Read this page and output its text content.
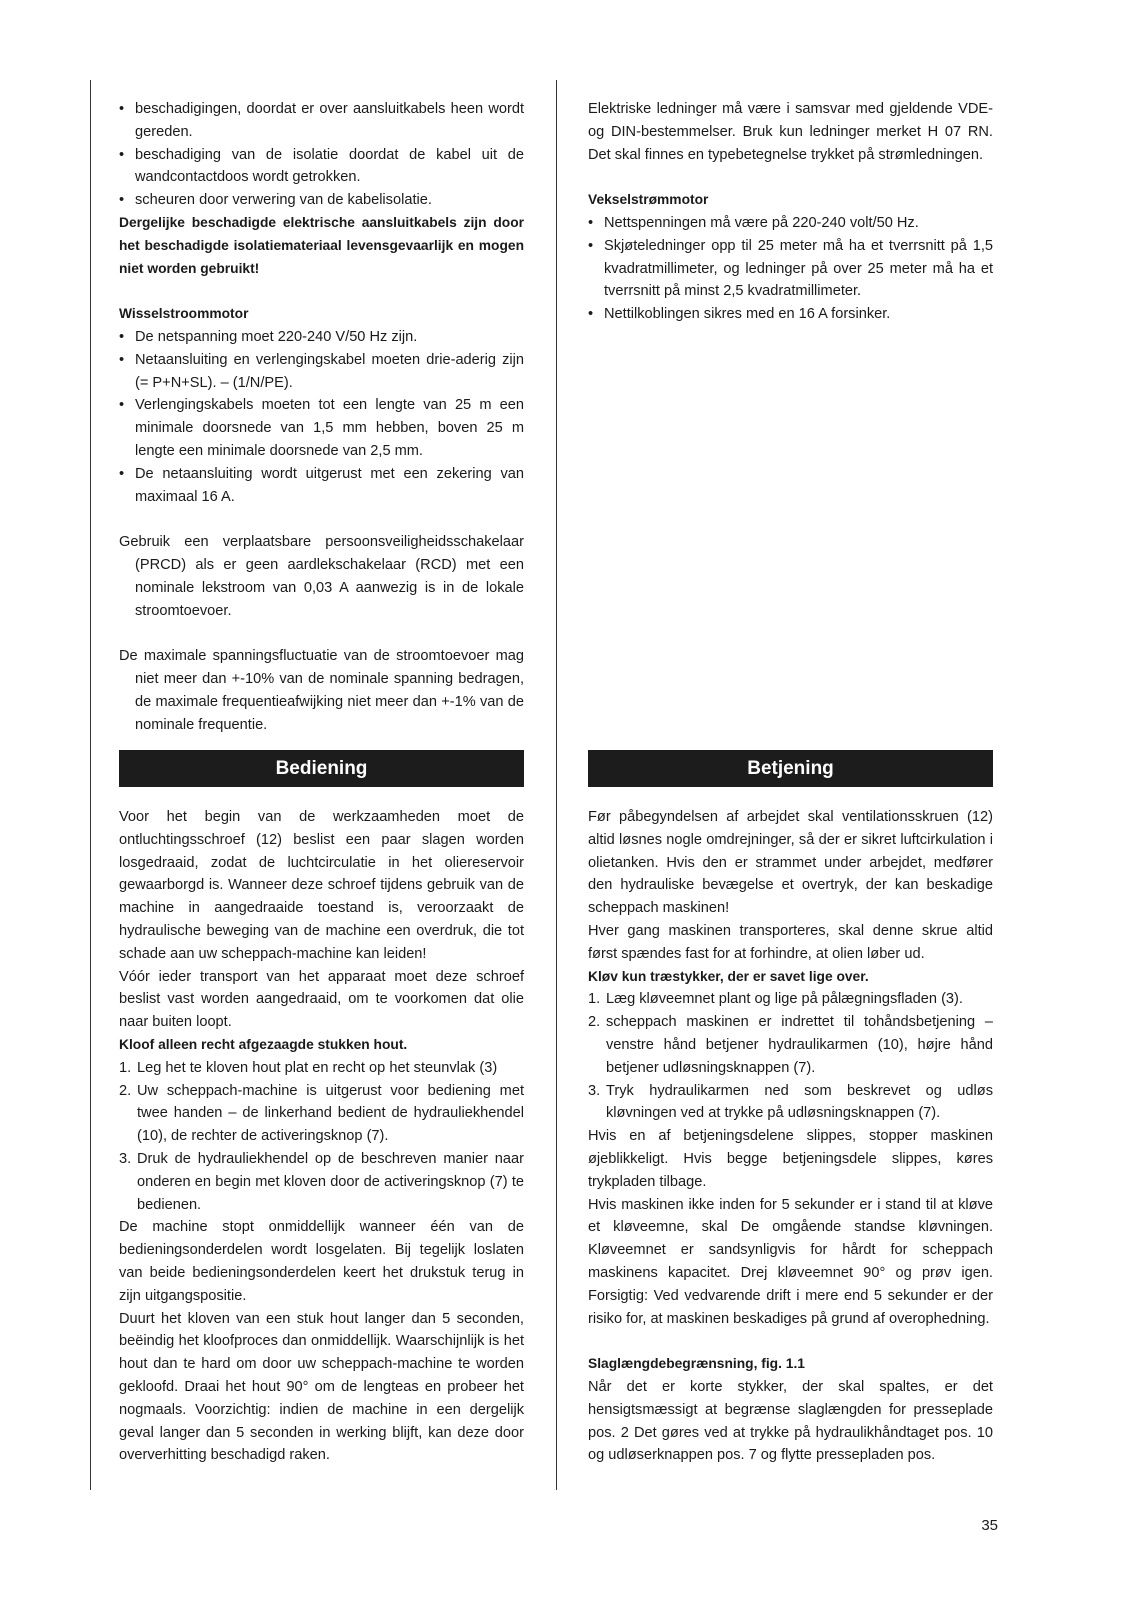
• beschadigingen, doordat er over aansluitkabels heen wordt gereden.
• beschadiging van de isolatie doordat de kabel uit de wandcontactdoos wordt getrokken.
• scheuren door verwering van de kabelisolatie.

Dergelijke beschadigde elektrische aansluitkabels zijn door het beschadigde isolatiemateriaal levensgevaarlijk en mogen niet worden gebruikt!

Wisselstroommotor

• De netspanning moet 220-240 V/50 Hz zijn.
• Netaansluiting en verlengingskabel moeten drie-aderig zijn (= P+N+SL). – (1/N/PE).
• Verlengingskabels moeten tot een lengte van 25 m een minimale doorsnede van 1,5 mm hebben, boven 25 m lengte een minimale doorsnede van 2,5 mm.
• De netaansluiting wordt uitgerust met een zekering van maximaal 16 A.

Gebruik een verplaatsbare persoonsveiligheidsschakelaar (PRCD) als er geen aardlekschakelaar (RCD) met een nominale lekstroom van 0,03 A aanwezig is in de lokale stroomtoevoer.

De maximale spanningsfluctuatie van de stroomtoevoer mag niet meer dan +-10% van de nominale spanning bedragen, de maximale frequentieafwijking niet meer dan +-1% van de nominale frequentie.

Bediening

Voor het begin van de werkzaamheden moet de ontluchtingsschroef (12) beslist een paar slagen worden losgedraaid, zodat de luchtcirculatie in het oliereservoir gewaarborgd is. Wanneer deze schroef tijdens gebruik van de machine in aangedraaide toestand is, veroorzaakt de hydraulische beweging van de machine een overdruk, die tot schade aan uw scheppach-machine kan leiden!

Vóór ieder transport van het apparaat moet deze schroef beslist vast worden aangedraaid, om te voorkomen dat olie naar buiten loopt.

Kloof alleen recht afgezaagde stukken hout.

1. Leg het te kloven hout plat en recht op het steunvlak (3)
2. Uw scheppach-machine is uitgerust voor bediening met twee handen – de linkerhand bedient de hydrauliekhendel (10), de rechter de activeringsknop (7).
3. Druk de hydrauliekhendel op de beschreven manier naar onderen en begin met kloven door de activeringsknop (7) te bedienen.

De machine stopt onmiddellijk wanneer één van de bedieningsonderdelen wordt losgelaten. Bij tegelijk loslaten van beide bedieningsonderdelen keert het drukstuk terug in zijn uitgangspositie.

Duurt het kloven van een stuk hout langer dan 5 seconden, beëindig het kloofproces dan onmiddellijk. Waarschijnlijk is het hout dan te hard om door uw scheppach-machine te worden gekloofd. Draai het hout 90° om de lengteas en probeer het nogmaals. Voorzichtig: indien de machine in een dergelijk geval langer dan 5 seconden in werking blijft, kan deze door oververhitting beschadigd raken.

Elektriske ledninger må være i samsvar med gjeldende VDE- og DIN-bestemmelser. Bruk kun ledninger merket H 07 RN. Det skal finnes en typebetegnelse trykket på strømledningen.

Vekselstrømmotor

• Nettspenningen må være på 220-240 volt/50 Hz.
• Skjøteledninger opp til 25 meter må ha et tverrsnitt på 1,5 kvadratmillimeter, og ledninger på over 25 meter må ha et tverrsnitt på minst 2,5 kvadratmillimeter.
• Nettilkoblingen sikres med en 16 A forsinker.
Betjening

Før påbegyndelsen af arbejdet skal ventilationsskruen (12) altid løsnes nogle omdrejninger, så der er sikret luftcirkulation i olietanken. Hvis den er strammet under arbejdet, medfører den hydrauliske bevægelse et overtryk, der kan beskadige scheppach maskinen!

Hver gang maskinen transporteres, skal denne skrue altid først spændes fast for at forhindre, at olien løber ud.

Kløv kun træstykker, der er savet lige over.

1. Læg kløveemnet plant og lige på pålægningsfladen (3).
2. scheppach maskinen er indrettet til tohåndsbetjening – venstre hånd betjener hydraulikarmen (10), højre hånd betjener udløsningsknappen (7).
3. Tryk hydraulikarmen ned som beskrevet og udløs kløvningen ved at trykke på udløsningsknappen (7).

Hvis en af betjeningsdelene slippes, stopper maskinen øjeblikkeligt. Hvis begge betjeningsdele slippes, køres trykpladen tilbage.

Hvis maskinen ikke inden for 5 sekunder er i stand til at kløve et kløveemne, skal De omgående standse kløvningen. Kløveemnet er sandsynligvis for hårdt for scheppach maskinens kapacitet. Drej kløveemnet 90° og prøv igen. Forsigtig: Ved vedvarende drift i mere end 5 sekunder er der risiko for, at maskinen beskadiges på grund af overophedning.

Slaglængdebegrænsning, fig. 1.1

Når det er korte stykker, der skal spaltes, er det hensigtsmæssigt at begrænse slaglængden for presseplade pos. 2 Det gøres ved at trykke på hydraulikhåndtaget pos. 10 og udløserknappen pos. 7 og flytte pressepladen pos.

35
